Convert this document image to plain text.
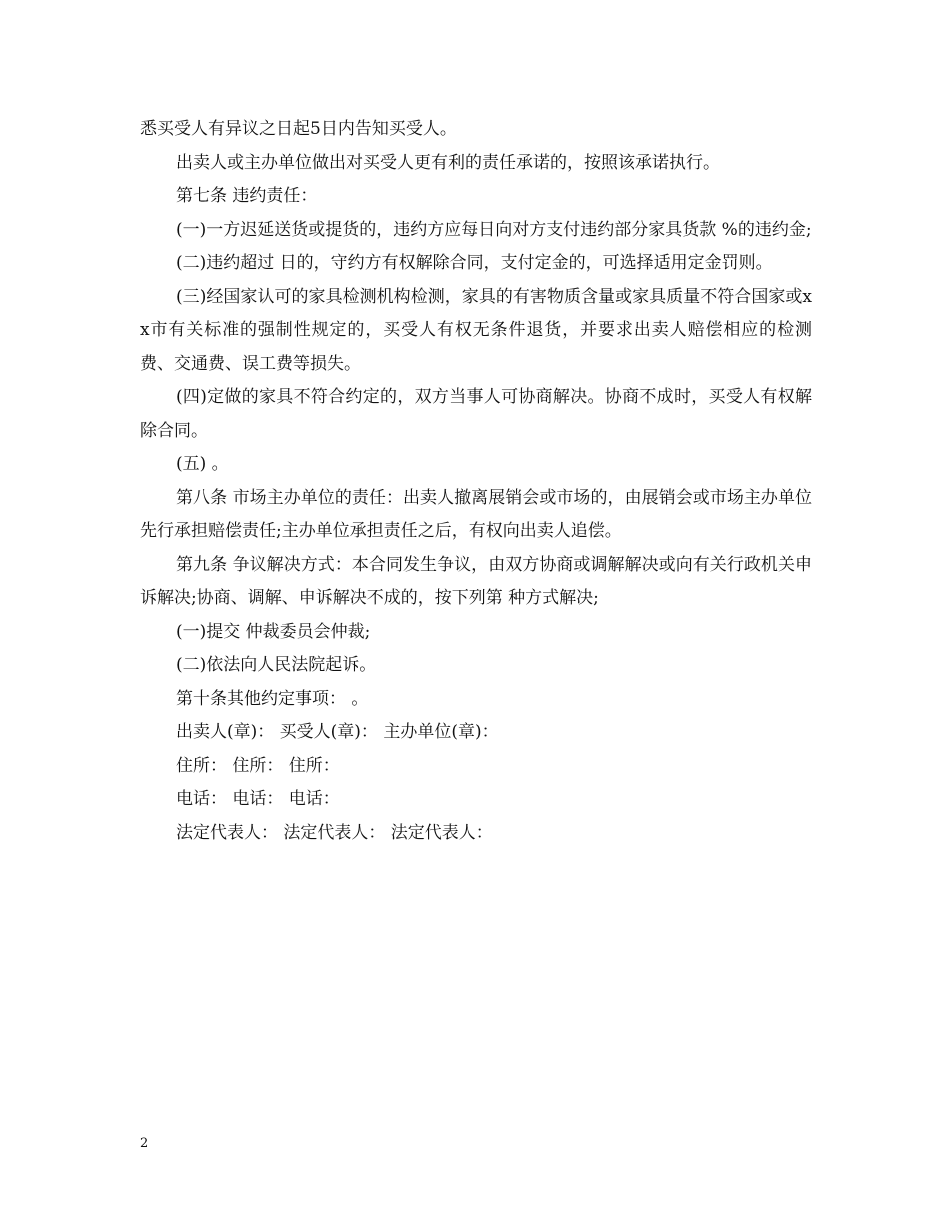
悉买受人有异议之日起5日内告知买受人。

出卖人或主办单位做出对买受人更有利的责任承诺的，按照该承诺执行。

第七条 违约责任：

(一)一方迟延送货或提货的，违约方应每日向对方支付违约部分家具货款 %的违约金;

(二)违约超过 日的，守约方有权解除合同，支付定金的，可选择适用定金罚则。

(三)经国家认可的家具检测机构检测，家具的有害物质含量或家具质量不符合国家或xx市有关标准的强制性规定的，买受人有权无条件退货，并要求出卖人赔偿相应的检测费、交通费、误工费等损失。

(四)定做的家具不符合约定的，双方当事人可协商解决。协商不成时，买受人有权解除合同。

(五) 。

第八条 市场主办单位的责任：出卖人撤离展销会或市场的，由展销会或市场主办单位先行承担赔偿责任;主办单位承担责任之后，有权向出卖人追偿。

第九条 争议解决方式：本合同发生争议，由双方协商或调解解决或向有关行政机关申诉解决;协商、调解、申诉解决不成的，按下列第 种方式解决;

(一)提交 仲裁委员会仲裁;

(二)依法向人民法院起诉。

第十条其他约定事项： 。

出卖人(章)： 买受人(章)： 主办单位(章)：

住所： 住所： 住所：

电话： 电话： 电话：

法定代表人： 法定代表人： 法定代表人：

2
